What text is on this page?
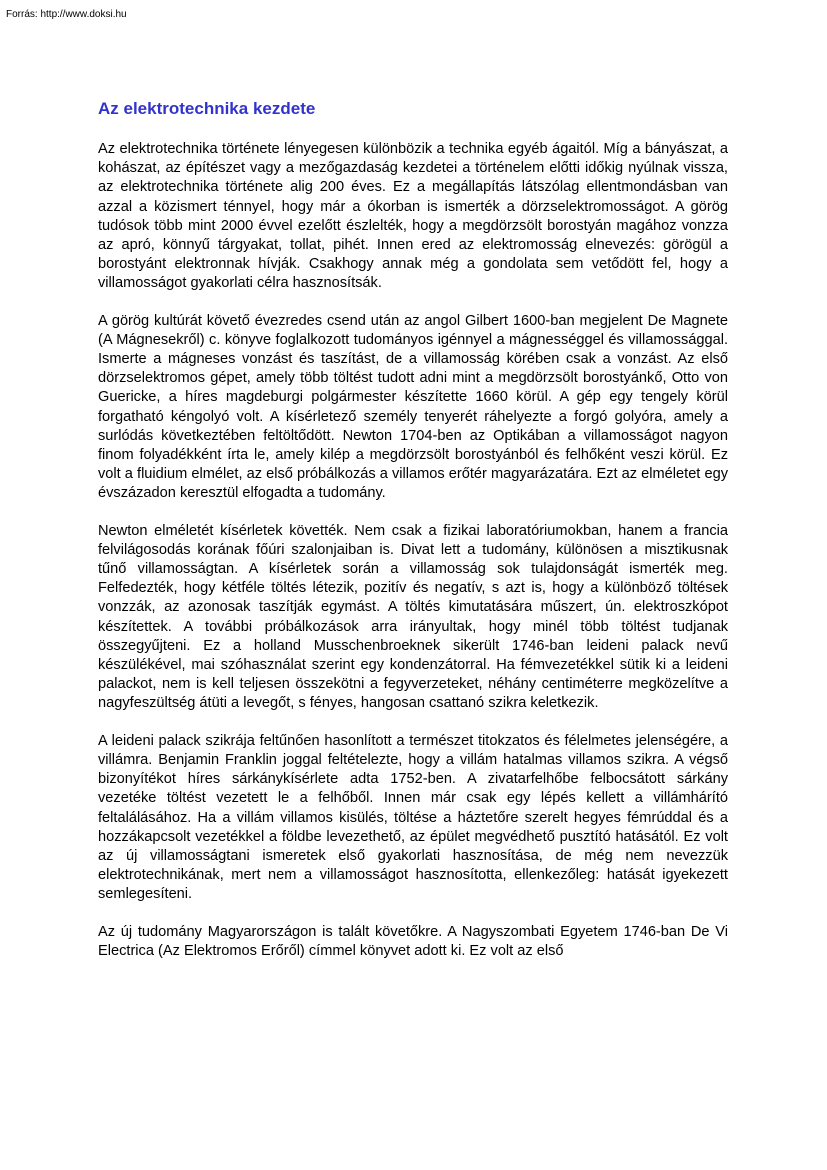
Forrás: http://www.doksi.hu
Az elektrotechnika kezdete

Az elektrotechnika története lényegesen különbözik a technika egyéb ágaitól. Míg a bányászat, a kohászat, az építészet vagy a mezőgazdaság kezdetei a történelem előtti időkig nyúlnak vissza, az elektrotechnika története alig 200 éves. Ez a megállapítás látszólag ellentmondásban van azzal a közismert ténnyel, hogy már a ókorban is ismerték a dörzselektromosságot. A görög tudósok több mint 2000 évvel ezelőtt észlelték, hogy a megdörzsölt borostyán magához vonzza az apró, könnyű tárgyakat, tollat, pihét. Innen ered az elektromosság elnevezés: görögül a borostyánt elektronnak hívják. Csakhogy annak még a gondolata sem vetődött fel, hogy a villamosságot gyakorlati célra hasznosítsák.

A görög kultúrát követő évezredes csend után az angol Gilbert 1600-ban megjelent De Magnete (A Mágnesekről) c. könyve foglalkozott tudományos igénnyel a mágnességgel és villamossággal. Ismerte a mágneses vonzást és taszítást, de a villamosság körében csak a vonzást. Az első dörzselektromos gépet, amely több töltést tudott adni mint a megdörzsölt borostyánkő, Otto von Guericke, a híres magdeburgi polgármester készítette 1660 körül. A gép egy tengely körül forgatható kéngolyó volt. A kísérletező személy tenyerét ráhelyezte a forgó golyóra, amely a surlódás következtében feltöltődött. Newton 1704-ben az Optikában a villamosságot nagyon finom folyadékként írta le, amely kilép a megdörzsölt borostyánból és felhőként veszi körül. Ez volt a fluidium elmélet, az első próbálkozás a villamos erőtér magyarázatára. Ezt az elméletet egy évszázadon keresztül elfogadta a tudomány.

Newton elméletét kísérletek követték. Nem csak a fizikai laboratóriumokban, hanem a francia felvilágosodás korának főúri szalonjaiban is. Divat lett a tudomány, különösen a misztikusnak tűnő villamosságtan. A kísérletek során a villamosság sok tulajdonságát ismerték meg. Felfedezték, hogy kétféle töltés létezik, pozitív és negatív, s azt is, hogy a különböző töltések vonzzák, az azonosak taszítják egymást. A töltés kimutatására műszert, ún. elektroszkópot készítettek. A további próbálkozások arra irányultak, hogy minél több töltést tudjanak összegyűjteni. Ez a holland Musschenbroeknek sikerült 1746-ban leideni palack nevű készülékével, mai szóhasználat szerint egy kondenzátorral. Ha fémvezetékkel sütik ki a leideni palackot, nem is kell teljesen összekötni a fegyverzeteket, néhány centiméterre megközelítve a nagyfeszültség átüti a levegőt, s fényes, hangosan csattanó szikra keletkezik.

A leideni palack szikrája feltűnően hasonlított a természet titokzatos és félelmetes jelenségére, a villámra. Benjamin Franklin joggal feltételezte, hogy a villám hatalmas villamos szikra. A végső bizonyítékot híres sárkánykísérlete adta 1752-ben. A zivatarfelhőbe felbocsátott sárkány vezetéke töltést vezetett le a felhőből. Innen már csak egy lépés kellett a villámhárító feltalálásához. Ha a villám villamos kisülés, töltése a háztetőre szerelt hegyes fémrúddal és a hozzákapcsolt vezetékkel a földbe levezethető, az épület megvédhető pusztító hatásától. Ez volt az új villamosságtani ismeretek első gyakorlati hasznosítása, de még nem nevezzük elektrotechnikának, mert nem a villamosságot hasznosította, ellenkezőleg: hatását igyekezett semlegesíteni.

Az új tudomány Magyarországon is talált követőkre. A Nagyszombati Egyetem 1746-ban De Vi Electrica (Az Elektromos Erőről) címmel könyvet adott ki. Ez volt az első
